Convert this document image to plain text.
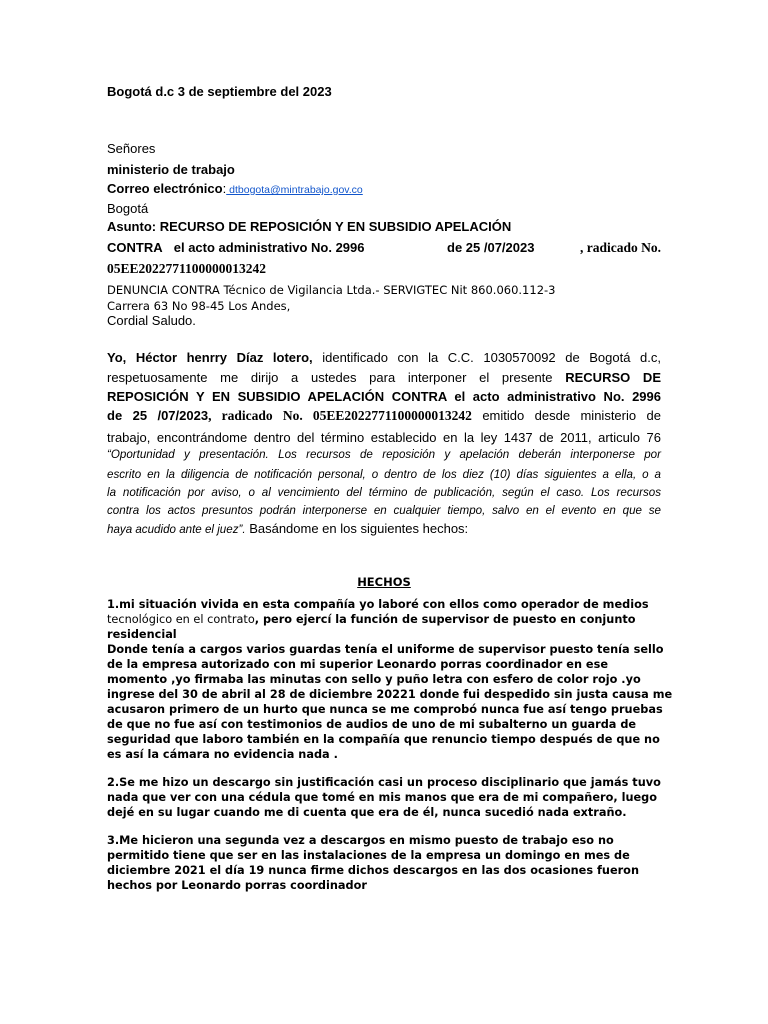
Bogotá d.c 3 de septiembre del 2023
Señores
ministerio de trabajo
Correo electrónico: dtbogota@mintrabajo.gov.co
Bogotá
Asunto: RECURSO DE REPOSICIÓN Y EN SUBSIDIO APELACIÓN
CONTRA el acto administrativo No. 2996	de 25 /07/2023	, radicado No.
05EE2022771100000013242
DENUNCIA CONTRA Técnico de Vigilancia Ltda.- SERVIGTEC Nit 860.060.112-3
Carrera 63 No 98-45 Los Andes,
Cordial Saludo.
Yo, Héctor henrry Díaz lotero, identificado con la C.C. 1030570092 de Bogotá d.c,
respetuosamente me dirijo a ustedes para interponer el presente RECURSO DE
REPOSICIÓN Y EN SUBSIDIO APELACIÓN CONTRA el acto administrativo No. 2996
de 25 /07/2023, radicado No. 05EE2022771100000013242 emitido desde ministerio de
trabajo, encontrándome dentro del término establecido en la ley 1437 de 2011, articulo 76
“Oportunidad y presentación. Los recursos de reposición y apelación deberán interponerse por
escrito en la diligencia de notificación personal, o dentro de los diez (10) días siguientes a ella, o a
la notificación por aviso, o al vencimiento del término de publicación, según el caso. Los recursos
contra los actos presuntos podrán interponerse en cualquier tiempo, salvo en el evento en que se
haya acudido ante el juez”. Basándome en los siguientes hechos:
HECHOS
1.mi situación vivida en esta compañía yo laboré con ellos como operador de medios
tecnológico en el contrato, pero ejercí la función de supervisor de puesto en conjunto
residencial
Donde tenía a cargos varios guardas tenía el uniforme de supervisor puesto tenía sello
de la empresa autorizado con mi superior Leonardo porras coordinador en ese
momento ,yo firmaba las minutas con sello y puño letra con esfero de color rojo .yo
ingrese del 30 de abril al 28 de diciembre 20221 donde fui despedido sin justa causa me
acusaron primero de un hurto que nunca se me comprobó nunca fue así tengo pruebas
de que no fue así con testimonios de audios de uno de mi subalterno un guarda de
seguridad que laboro también en la compañía que renuncio tiempo después de que no
es así la cámara no evidencia nada .
2.Se me hizo un descargo sin justificación casi un proceso disciplinario que jamás tuvo
nada que ver con una cédula que tomé en mis manos que era de mi compañero, luego
dejé en su lugar cuando me di cuenta que era de él, nunca sucedió nada extraño.
3.Me hicieron una segunda vez a descargos en mismo puesto de trabajo eso no
permitido tiene que ser en las instalaciones de la empresa un domingo en mes de
diciembre 2021 el día 19 nunca firme dichos descargos en las dos ocasiones fueron
hechos por Leonardo porras coordinador
